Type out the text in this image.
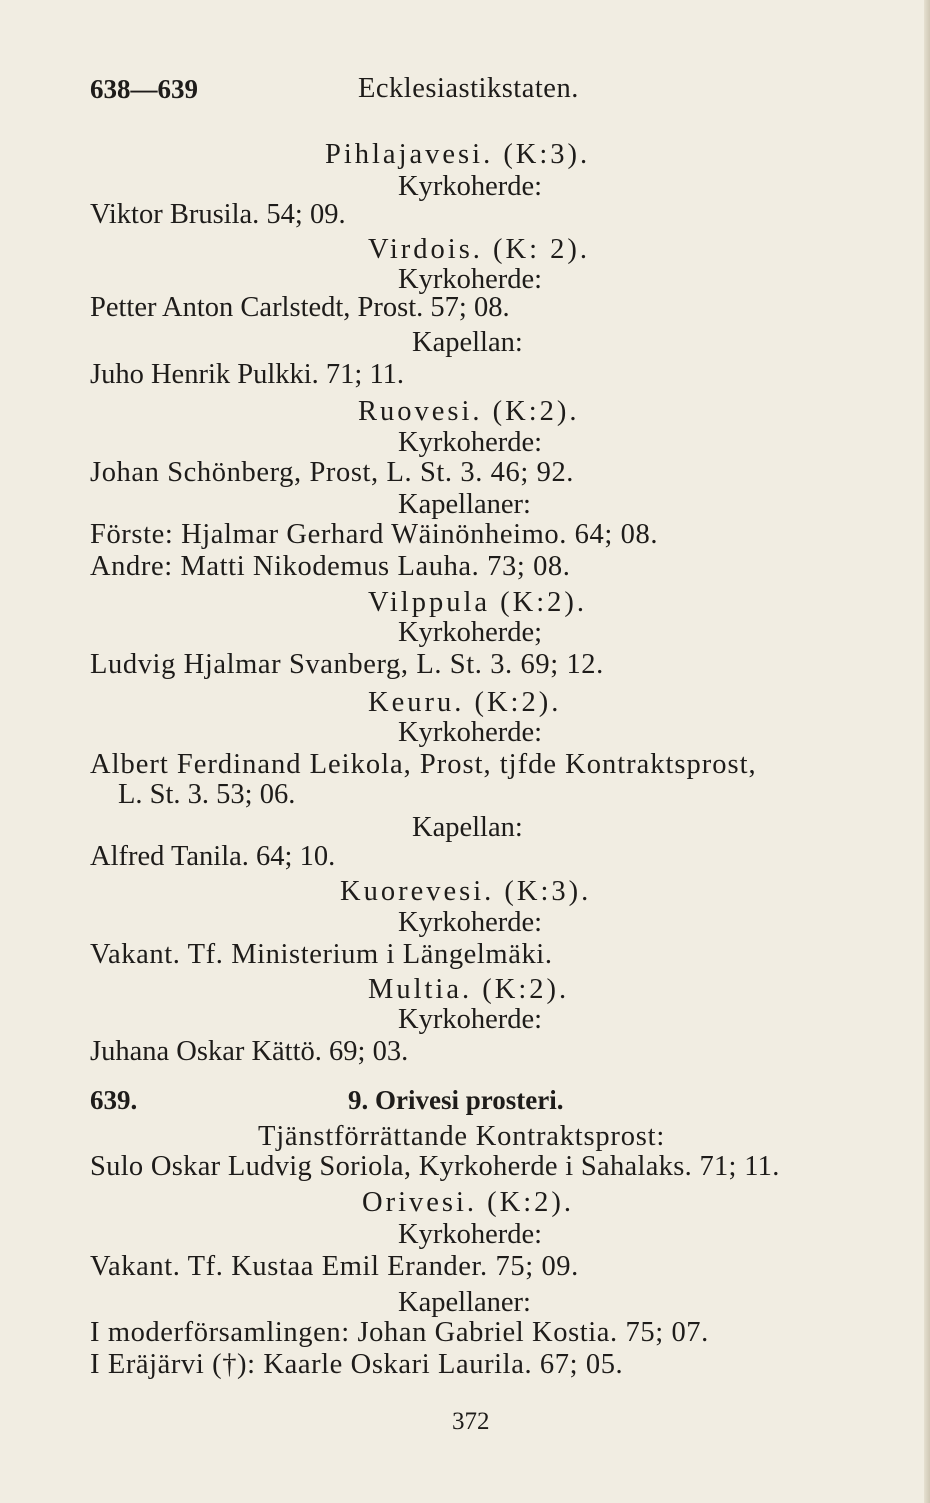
638—639	Ecklesiastikstaten.
Pihlajavesi. (K:3).
Kyrkoherde:
Viktor Brusila. 54; 09.
Virdois. (K: 2).
Kyrkoherde:
Petter Anton Carlstedt, Prost. 57; 08.
Kapellan:
Juho Henrik Pulkki. 71; 11.
Ruovesi. (K:2).
Kyrkoherde:
Johan Schönberg, Prost, L. St. 3. 46; 92.
Kapellaner:
Förste: Hjalmar Gerhard Wäinönheimo. 64; 08.
Andre: Matti Nikodemus Lauha. 73; 08.
Vilppula (K:2).
Kyrkoherde;
Ludvig Hjalmar Svanberg, L. St. 3. 69; 12.
Keuru. (K:2).
Kyrkoherde:
Albert Ferdinand Leikola, Prost, tjfde Kontraktsprost,
L. St. 3. 53; 06.
Kapellan:
Alfred Tanila. 64; 10.
Kuorevesi. (K:3).
Kyrkoherde:
Vakant. Tf. Ministerium i Längelmäki.
Multia. (K:2).
Kyrkoherde:
Juhana Oskar Kättö. 69; 03.
639.	9. Orivesi prosteri.
Tjänstförrättande Kontraktsprost:
Sulo Oskar Ludvig Soriola, Kyrkoherde i Sahalaks. 71; 11.
Orivesi. (K:2).
Kyrkoherde:
Vakant. Tf. Kustaa Emil Erander. 75; 09.
Kapellaner:
I moderförsamlingen: Johan Gabriel Kostia. 75; 07.
I Eräjärvi (†): Kaarle Oskari Laurila. 67; 05.
372
